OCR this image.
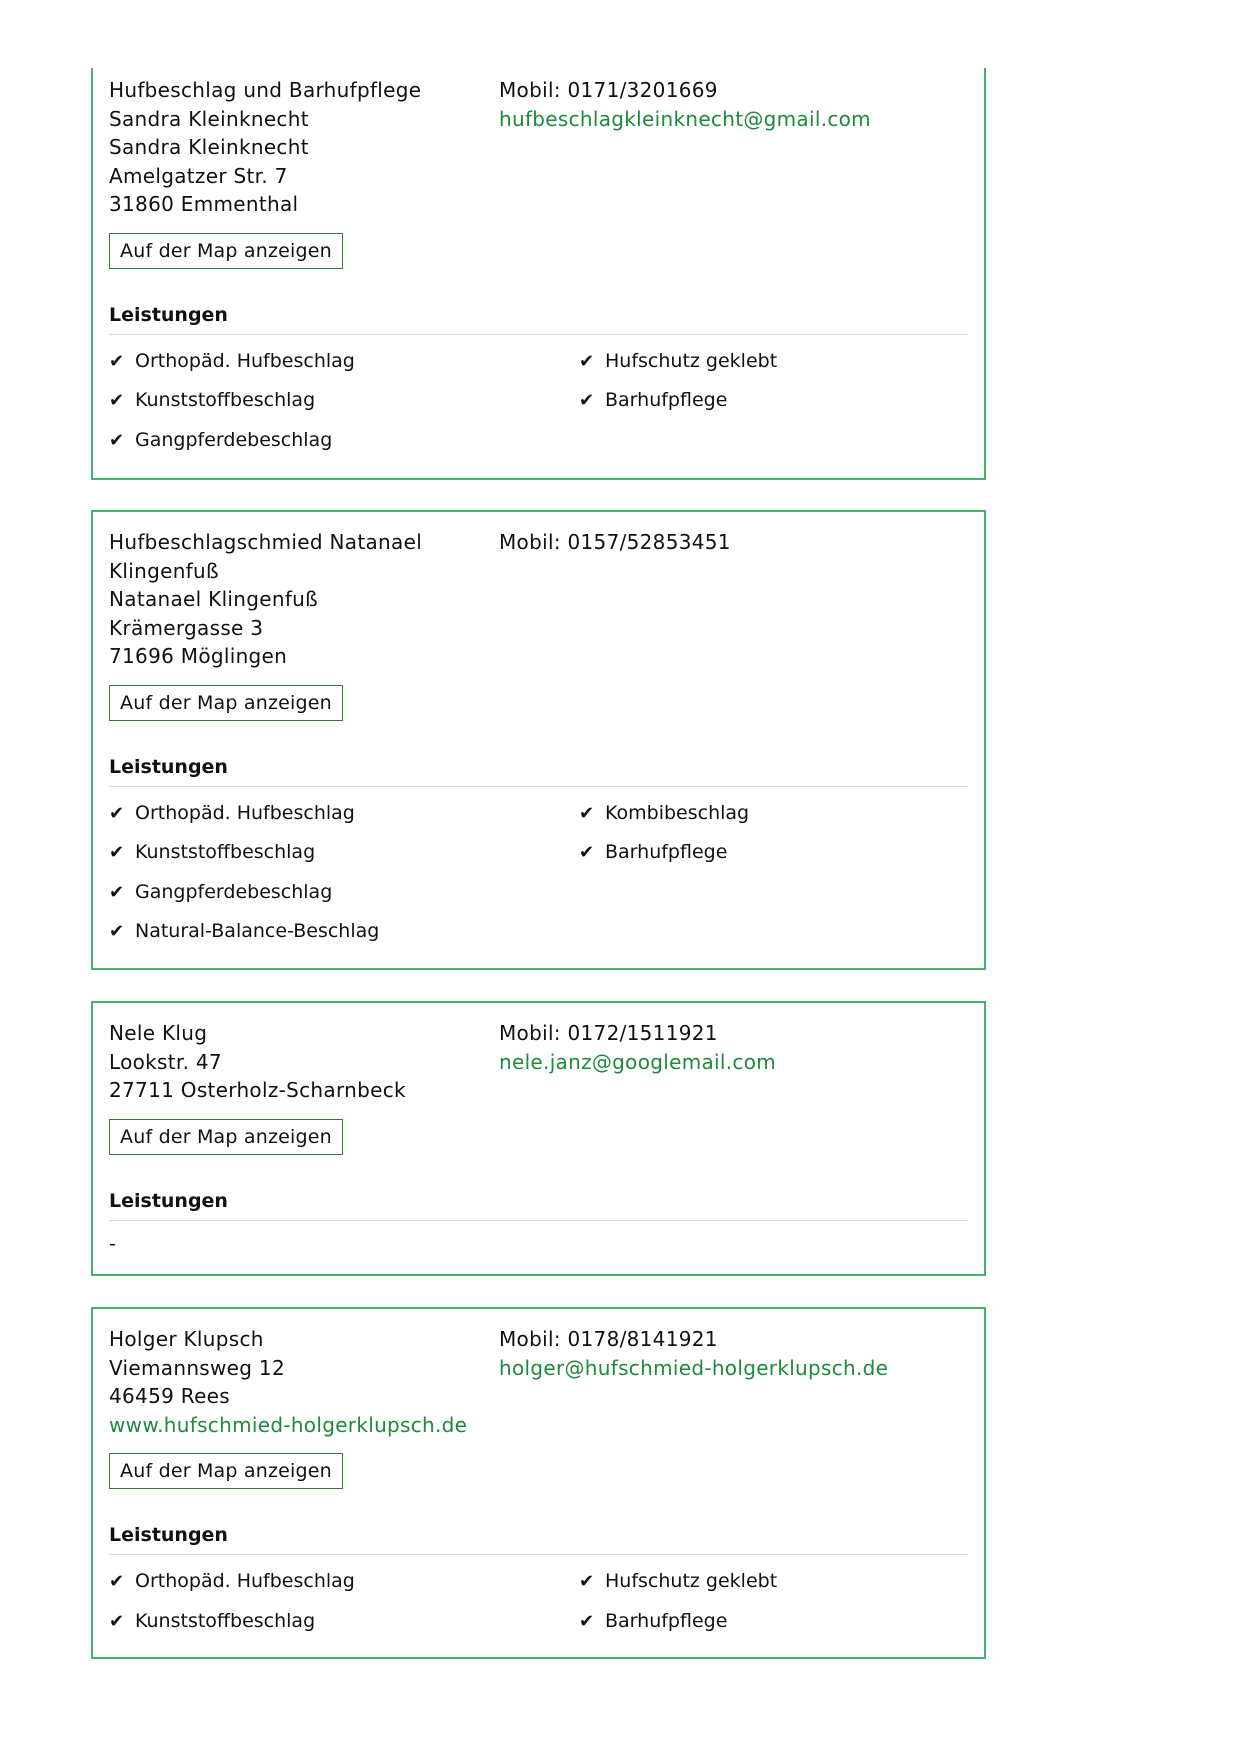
Hufbeschlag und Barhufpflege Sandra Kleinknecht
Sandra Kleinknecht
Amelgatzer Str. 7
31860 Emmenthal
Mobil: 0171/3201669
hufbeschlagkleinknecht@gmail.com
Auf der Map anzeigen
Leistungen
✔ Orthopäd. Hufbeschlag
✔ Kunststoffbeschlag
✔ Gangpferdebeschlag
✔ Hufschutz geklebt
✔ Barhufpflege
Hufbeschlagschmied Natanael Klingenfuß
Natanael Klingenfuß
Krämergasse 3
71696 Möglingen
Mobil: 0157/52853451
Auf der Map anzeigen
Leistungen
✔ Orthopäd. Hufbeschlag
✔ Kunststoffbeschlag
✔ Gangpferdebeschlag
✔ Natural-Balance-Beschlag
✔ Kombibeschlag
✔ Barhufpflege
Nele Klug
Lookstr. 47
27711 Osterholz-Scharnbeck
Mobil: 0172/1511921
nele.janz@googlemail.com
Auf der Map anzeigen
Leistungen
-
Holger Klupsch
Viemannsweg 12
46459 Rees
www.hufschmied-holgerklupsch.de
Mobil: 0178/8141921
holger@hufschmied-holgerklupsch.de
Auf der Map anzeigen
Leistungen
✔ Orthopäd. Hufbeschlag
✔ Kunststoffbeschlag
✔ Hufschutz geklebt
✔ Barhufpflege
